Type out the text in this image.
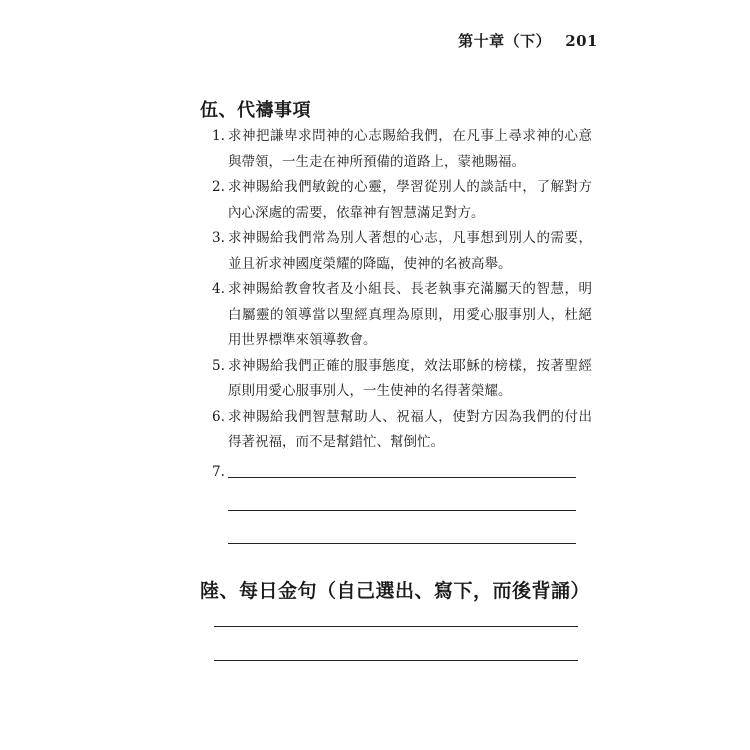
第十章（下） 201
伍、代禱事項
1. 求神把謙卑求問神的心志賜給我們，在凡事上尋求神的心意與帶領，一生走在神所預備的道路上，蒙祂賜福。
2. 求神賜給我們敏銳的心靈，學習從別人的談話中，了解對方內心深處的需要，依靠神有智慧滿足對方。
3. 求神賜給我們常為別人著想的心志，凡事想到別人的需要，並且祈求神國度榮耀的降臨，使神的名被高舉。
4. 求神賜給教會牧者及小組長、長老執事充滿屬天的智慧，明白屬靈的領導當以聖經真理為原則，用愛心服事別人，杜絕用世界標準來領導教會。
5. 求神賜給我們正確的服事態度，效法耶穌的榜樣，按著聖經原則用愛心服事別人，一生使神的名得著榮耀。
6. 求神賜給我們智慧幫助人、祝福人，使對方因為我們的付出得著祝福，而不是幫錯忙、幫倒忙。
7.
陸、每日金句（自己選出、寫下，而後背誦）
